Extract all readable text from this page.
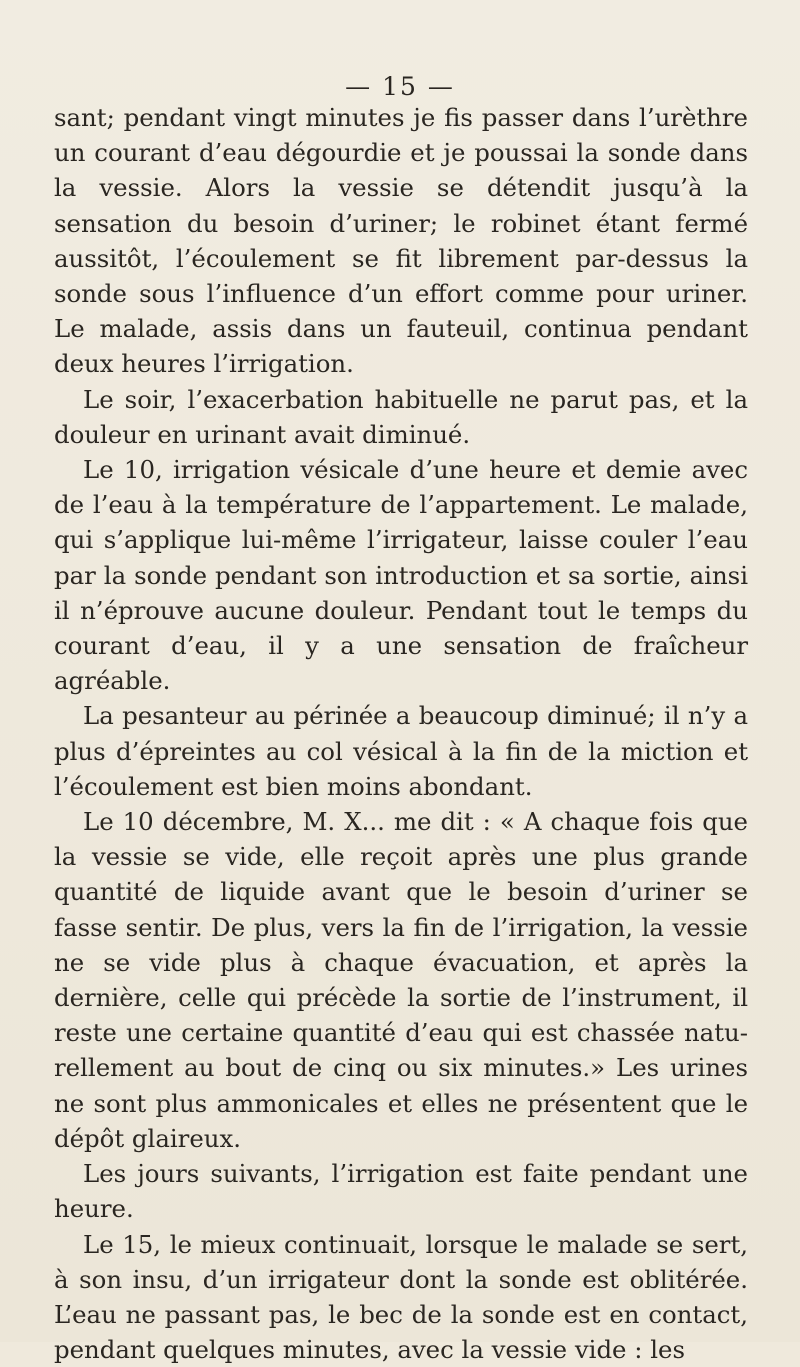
— 15 —

sant; pendant vingt minutes je fis passer dans l’urèthre un courant d’eau dégourdie et je poussai la sonde dans la vessie. Alors la vessie se détendit jusqu’à la sensation du besoin d’uriner; le robinet étant fermé aussitôt, l’écoulement se fit librement par-dessus la sonde sous l’influence d’un effort comme pour uriner. Le malade, assis dans un fauteuil, continua pendant deux heures l’irrigation.

Le soir, l’exacerbation habituelle ne parut pas, et la douleur en urinant avait diminué.

Le 10, irrigation vésicale d’une heure et demie avec de l’eau à la température de l’appartement. Le malade, qui s’applique lui-même l’irrigateur, laisse couler l’eau par la sonde pendant son introduction et sa sortie, ainsi il n’éprouve aucune douleur. Pendant tout le temps du courant d’eau, il y a une sensation de fraîcheur agréable.

La pesanteur au périnée a beaucoup diminué; il n’y a plus d’épreintes au col vésical à la fin de la miction et l’écoulement est bien moins abondant.

Le 10 décembre, M. X... me dit : « A chaque fois que la vessie se vide, elle reçoit après une plus grande quantité de liquide avant que le besoin d’uriner se fasse sentir. De plus, vers la fin de l’irrigation, la vessie ne se vide plus à chaque évacuation, et après la dernière, celle qui précède la sortie de l’instrument, il reste une certaine quantité d’eau qui est chassée naturellement au bout de cinq ou six minutes.» Les urines ne sont plus ammonicales et elles ne présentent que le dépôt glaireux.

Les jours suivants, l’irrigation est faite pendant une heure.

Le 15, le mieux continuait, lorsque le malade se sert, à son insu, d’un irrigateur dont la sonde est oblitérée. L’eau ne passant pas, le bec de la sonde est en contact, pendant quelques minutes, avec la vessie vide : les
